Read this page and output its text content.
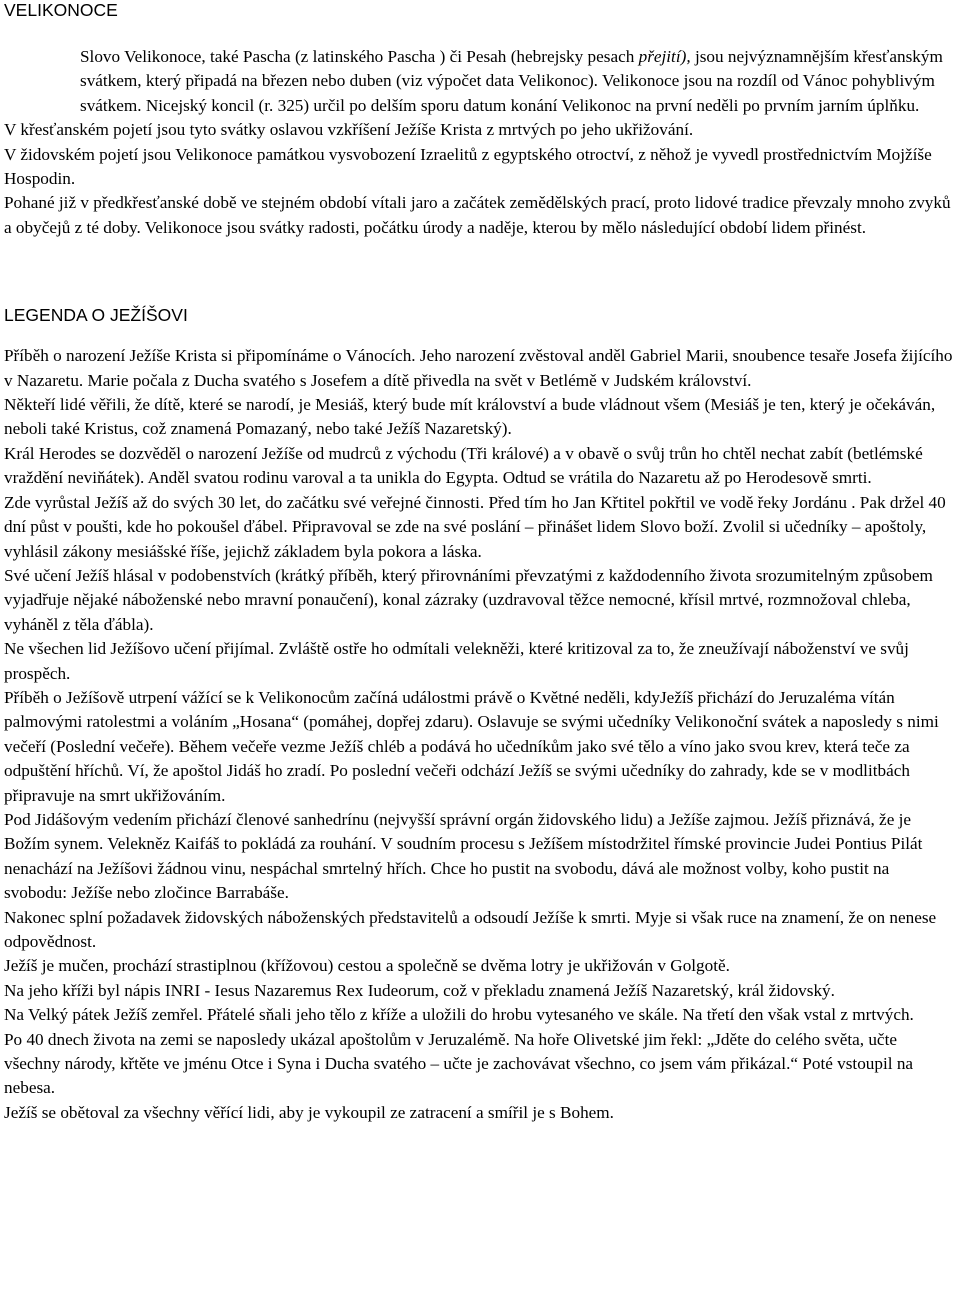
VELIKONOCE

Slovo Velikonoce, také Pascha (z latinského Pascha ) či Pesah (hebrejsky pesach přejití), jsou nejvýznamnějším křesťanským svátkem, který připadá na březen nebo duben (viz výpočet data Velikonoc). Velikonoce jsou na rozdíl od Vánoc pohyblivým svátkem. Nicejský koncil (r. 325) určil po delším sporu datum konání Velikonoc na první neděli po prvním jarním úplňku.

V křesťanském pojetí jsou tyto svátky oslavou vzkříšení Ježíše Krista z mrtvých po jeho ukřižování.

V židovském pojetí jsou Velikonoce památkou vysvobození Izraelitů z egyptského otroctví, z něhož je vyvedl prostřednictvím Mojžíše Hospodin.

Pohané již v předkřesťanské době ve stejném období vítali jaro a začátek zemědělských prací, proto lidové tradice převzaly mnoho zvyků a obyčejů z té doby. Velikonoce jsou svátky radosti, počátku úrody a naděje, kterou by mělo následující období lidem přinést.

LEGENDA O JEŽÍŠOVI

Příběh o narození Ježíše Krista si připomínáme o Vánocích. Jeho narození zvěstoval anděl Gabriel Marii, snoubence tesaře Josefa žijícího v Nazaretu. Marie počala z Ducha svatého s Josefem a dítě přivedla na svět v Betlémě v Judském království.

Někteří lidé věřili, že dítě, které se narodí, je Mesiáš, který bude mít království a bude vládnout všem (Mesiáš je ten, který je očekáván, neboli také Kristus, což znamená Pomazaný, nebo také Ježíš Nazaretský).

Král Herodes se dozvěděl o narození Ježíše od mudrců z východu (Tři králové) a v obavě o svůj trůn ho chtěl nechat zabít (betlémské vraždění neviňátek). Anděl svatou rodinu varoval a ta unikla do Egypta. Odtud se vrátila do Nazaretu až po Herodesově smrti.

Zde vyrůstal Ježíš až do svých 30 let, do začátku své veřejné činnosti. Před tím ho Jan Křtitel pokřtil ve vodě řeky Jordánu . Pak držel 40 dní půst v poušti, kde ho pokoušel ďábel. Připravoval se zde na své poslání – přinášet lidem Slovo boží. Zvolil si učedníky – apoštoly, vyhlásil zákony mesiášské říše, jejichž základem byla pokora a láska.

Své učení Ježíš hlásal v podobenstvích (krátký příběh, který přirovnáními převzatými z každodenního života srozumitelným způsobem vyjadřuje nějaké náboženské nebo mravní ponaučení), konal zázraky (uzdravoval těžce nemocné, křísil mrtvé, rozmnožoval chleba, vyháněl z těla ďábla).

Ne všechen lid Ježíšovo učení přijímal. Zvláště ostře ho odmítali velekněži, které kritizoval za to, že zneužívají náboženství ve svůj prospěch.

Příběh o Ježíšově utrpení vážící se k Velikonocům začíná událostmi právě o Květné neděli, kdyJežíš přichází do Jeruzaléma vítán palmovými ratolestmi a voláním „Hosana“ (pomáhej, dopřej zdaru). Oslavuje se svými učedníky Velikonoční svátek a naposledy s nimi večeří (Poslední večeře). Během večeře vezme Ježíš chléb a podává ho učedníkům jako své tělo a víno jako svou krev, která teče za odpuštění hříchů. Ví, že apoštol Jidáš ho zradí. Po poslední večeři odchází Ježíš se svými učedníky do zahrady, kde se v modlitbách připravuje na smrt ukřižováním.

Pod Jidášovým vedením přichází členové sanhedrínu (nejvyšší správní orgán židovského lidu) a Ježíše zajmou. Ježíš přiznává, že je Božím synem. Velekněz Kaifáš to pokládá za rouhání. V soudním procesu s Ježíšem místodržitel římské provincie Judei Pontius Pilát nenachází na Ježíšovi žádnou vinu, nespáchal smrtelný hřích. Chce ho pustit na svobodu, dává ale možnost volby, koho pustit na svobodu: Ježíše nebo zločince Barrabáše.

Nakonec splní požadavek židovských náboženských představitelů a odsoudí Ježíše k smrti. Myje si však ruce na znamení, že on nenese odpovědnost.

Ježíš je mučen, prochází strastiplnou (křížovou) cestou a společně se dvěma lotry je ukřižován v Golgotě.

Na jeho kříži byl nápis INRI - Iesus Nazaremus Rex Iudeorum, což v překladu znamená Ježíš Nazaretský, král židovský.

Na Velký pátek Ježíš zemřel. Přátelé sňali jeho tělo z kříže a uložili do hrobu vytesaného ve skále. Na třetí den však vstal z mrtvých.

Po 40 dnech života na zemi se naposledy ukázal apoštolům v Jeruzalémě. Na hoře Olivetské jim řekl: „Jděte do celého světa, učte všechny národy, křtěte ve jménu Otce i Syna i Ducha svatého – učte je zachovávat všechno, co jsem vám přikázal.“ Poté vstoupil na nebesa.

Ježíš se obětoval za všechny věřící lidi, aby je vykoupil ze zatracení a smířil je s Bohem.
